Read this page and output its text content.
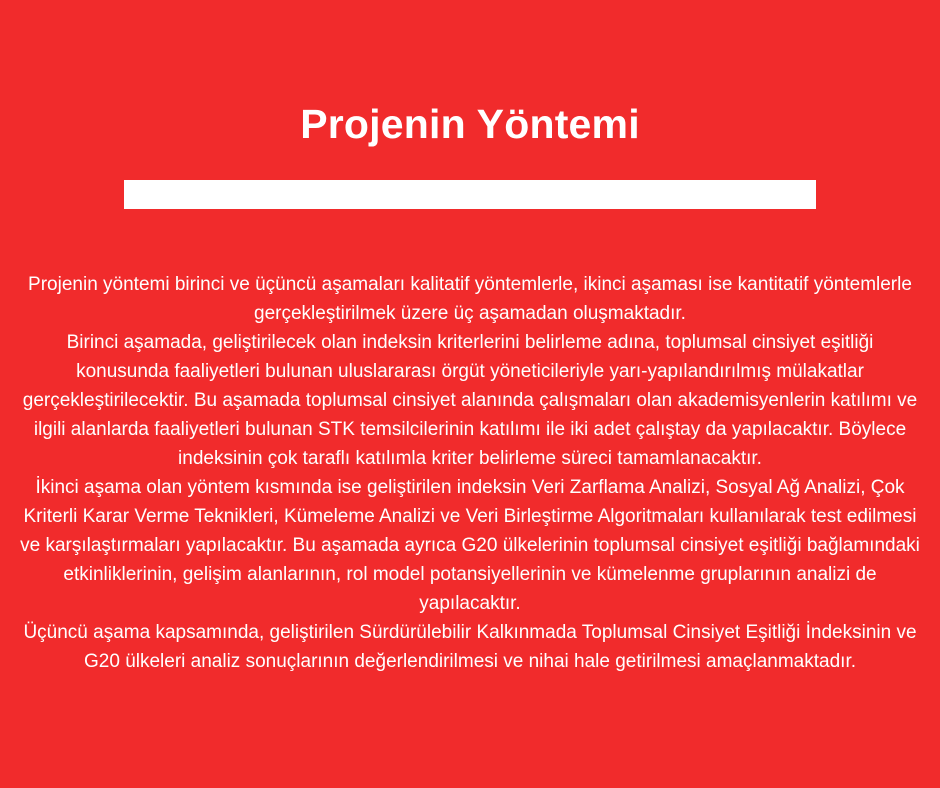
Projenin Yöntemi

Projenin yöntemi birinci ve üçüncü aşamaları kalitatif yöntemlerle, ikinci aşaması ise kantitatif yöntemlerle gerçekleştirilmek üzere üç aşamadan oluşmaktadır.

Birinci aşamada, geliştirilecek olan indeksin kriterlerini belirleme adına, toplumsal cinsiyet eşitliği konusunda faaliyetleri bulunan uluslararası örgüt yöneticileriyle yarı-yapılandırılmış mülakatlar gerçekleştirilecektir. Bu aşamada toplumsal cinsiyet alanında çalışmaları olan akademisyenlerin katılımı ve ilgili alanlarda faaliyetleri bulunan STK temsilcilerinin katılımı ile iki adet çalıştay da yapılacaktır. Böylece indeksinin çok taraflı katılımla kriter belirleme süreci tamamlanacaktır.

İkinci aşama olan yöntem kısmında ise geliştirilen indeksin Veri Zarflama Analizi, Sosyal Ağ Analizi, Çok Kriterli Karar Verme Teknikleri, Kümeleme Analizi ve Veri Birleştirme Algoritmaları kullanılarak test edilmesi ve karşılaştırmaları yapılacaktır. Bu aşamada ayrıca G20 ülkelerinin toplumsal cinsiyet eşitliği bağlamındaki etkinliklerinin, gelişim alanlarının, rol model potansiyellerinin ve kümelenme gruplarının analizi de yapılacaktır.

Üçüncü aşama kapsamında, geliştirilen Sürdürülebilir Kalkınmada Toplumsal Cinsiyet Eşitliği İndeksinin ve G20 ülkeleri analiz sonuçlarının değerlendirilmesi ve nihai hale getirilmesi amaçlanmaktadır.
